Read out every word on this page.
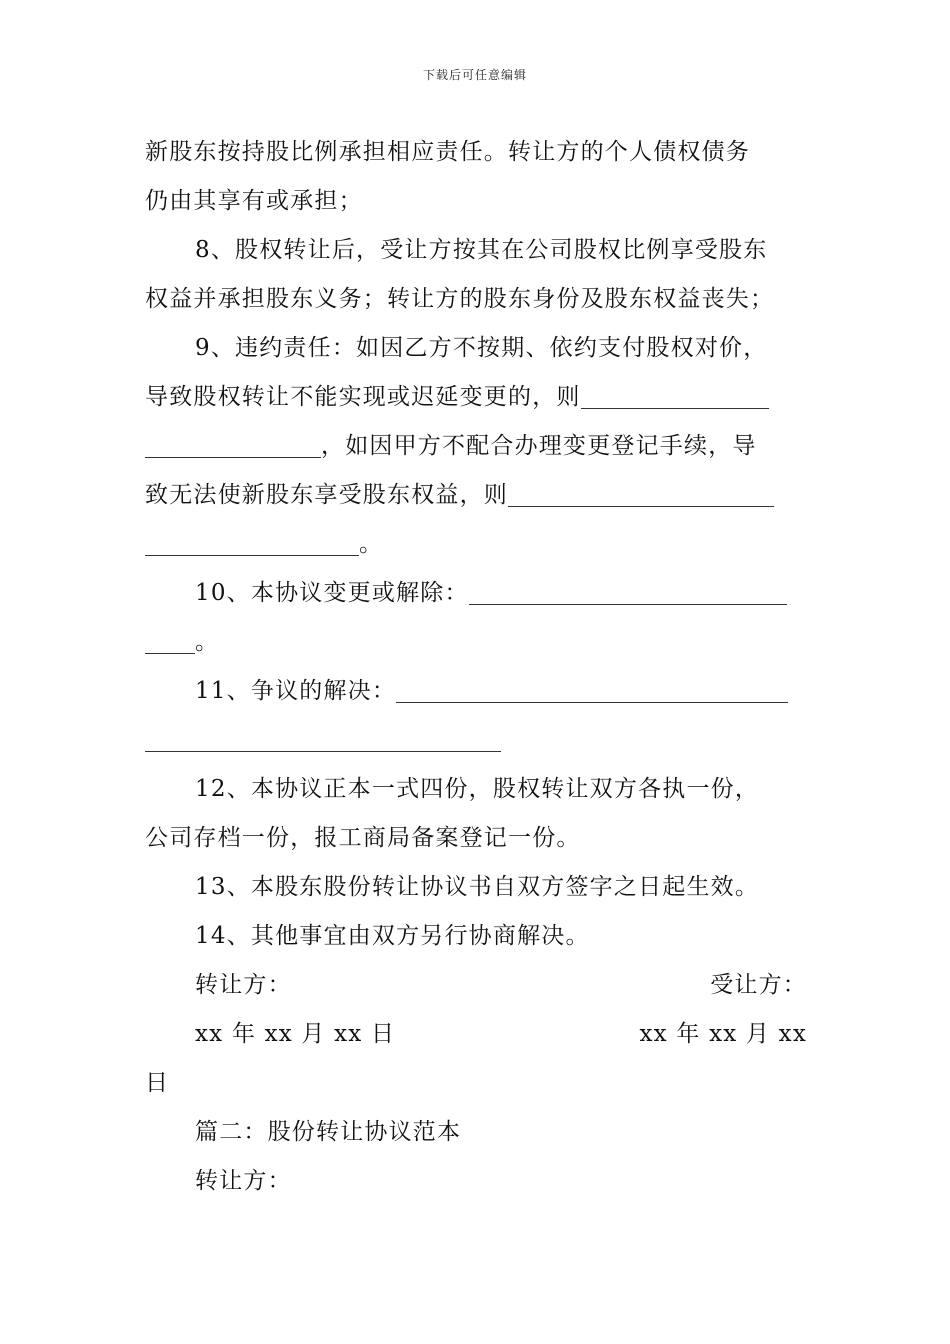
下载后可任意编辑
新股东按持股比例承担相应责任。转让方的个人债权债务
仍由其享有或承担；
8、股权转让后，受让方按其在公司股权比例享受股东
权益并承担股东义务；转让方的股东身份及股东权益丧失；
9、违约责任：如因乙方不按期、依约支付股权对价，
导致股权转让不能实现或迟延变更的，则
，如因甲方不配合办理变更登记手续，导
致无法使新股东享受股东权益，则
。
10、本协议变更或解除：
。
11、争议的解决：
12、本协议正本一式四份，股权转让双方各执一份，
公司存档一份，报工商局备案登记一份。
13、本股东股份转让协议书自双方签字之日起生效。
14、其他事宜由双方另行协商解决。
转让方：	受让方：
xx 年 xx 月 xx 日	xx 年 xx 月 xx
日
篇二：股份转让协议范本
转让方：
